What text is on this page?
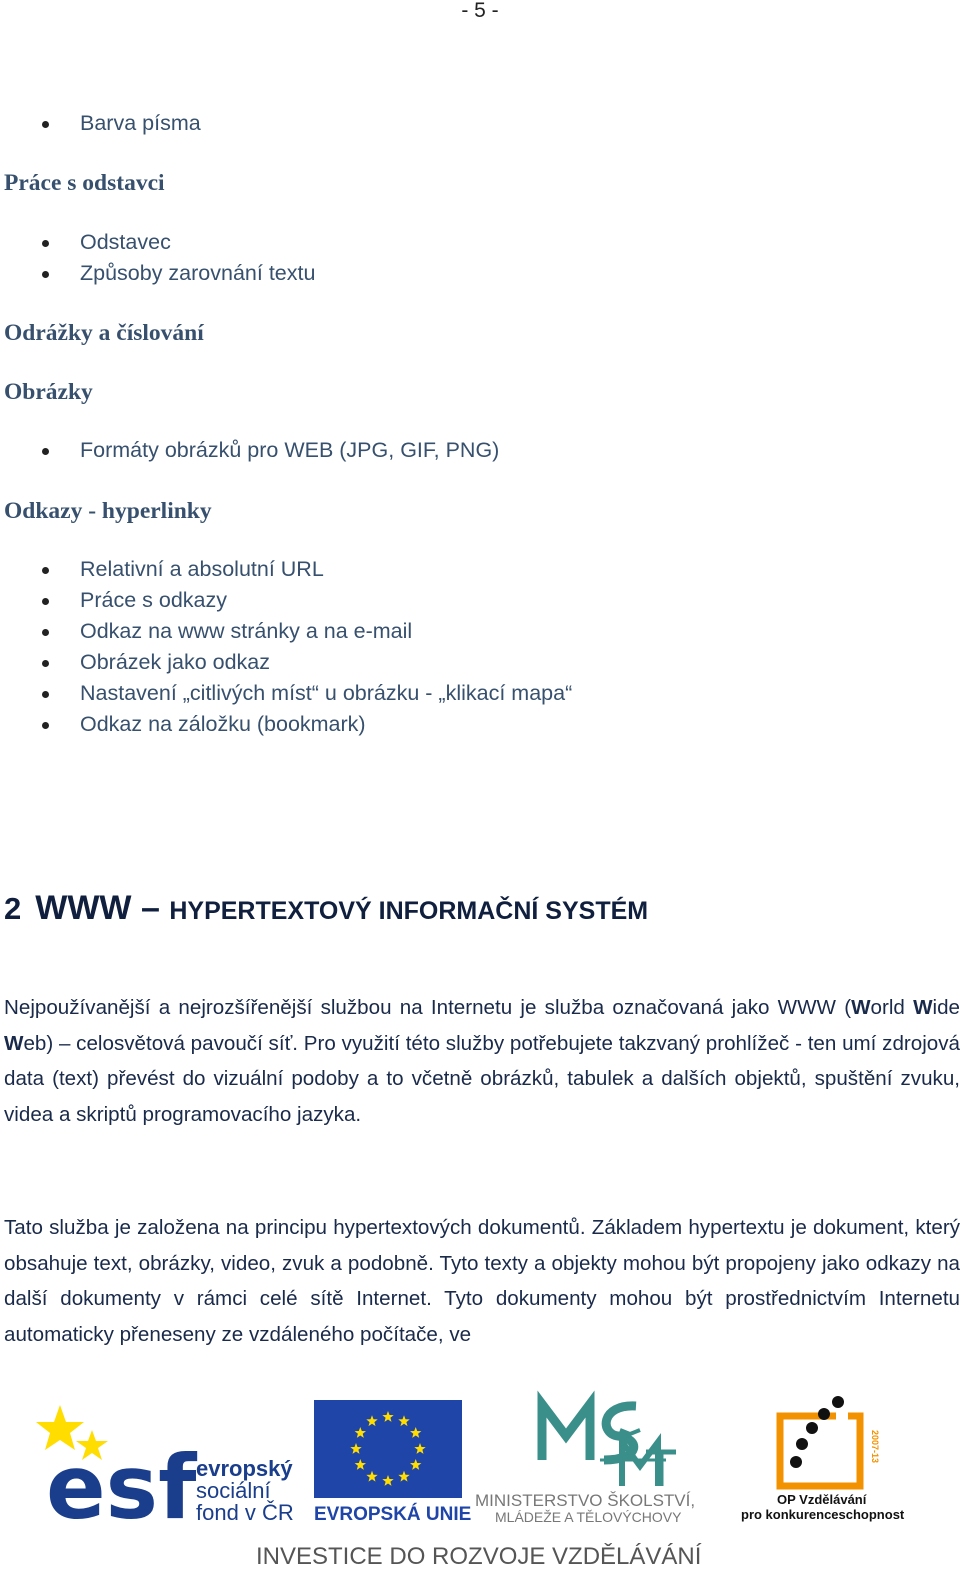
- 5 -
Barva písma
Práce s odstavci
Odstavec
Způsoby zarovnání textu
Odrážky a číslování
Obrázky
Formáty obrázků pro WEB (JPG, GIF, PNG)
Odkazy - hyperlinky
Relativní a absolutní URL
Práce s odkazy
Odkaz na www stránky a na e-mail
Obrázek jako odkaz
Nastavení „citlivých míst“ u obrázku - „klikací mapa“
Odkaz na záložku (bookmark)
2 WWW – HYPERTEXTOVÝ INFORMAČNÍ SYSTÉM

Nejpoužívanější a nejrozšířenější službou na Internetu je služba označovaná jako WWW (World Wide Web) – celosvětová pavoučí síť. Pro využití této služby potřebujete takzvaný prohlížeč - ten umí zdrojová data (text) převést do vizuální podoby a to včetně obrázků, tabulek a dalších objektů, spuštění zvuku, videa a skriptů programovacího jazyka.

Tato služba je založena na principu hypertextových dokumentů. Základem hypertextu je dokument, který obsahuje text, obrázky, video, zvuk a podobně. Tyto texty a objekty mohou být propojeny jako odkazy na další dokumenty v rámci celé sítě Internet. Tyto dokumenty mohou být prostřednictvím Internetu automaticky přeneseny ze vzdáleného počítače, ve

esf evropský
sociální
fond v ČR EVROPSKÁ UNIE
MINISTERSTVO ŠKOLSTVÍ,
MLÁDEŽE A TĚLOVÝCHOVY
2007-13
OP Vzdělávání
pro konkurenceschopnost
INVESTICE DO ROZVOJE VZDĚLÁVÁNÍ
